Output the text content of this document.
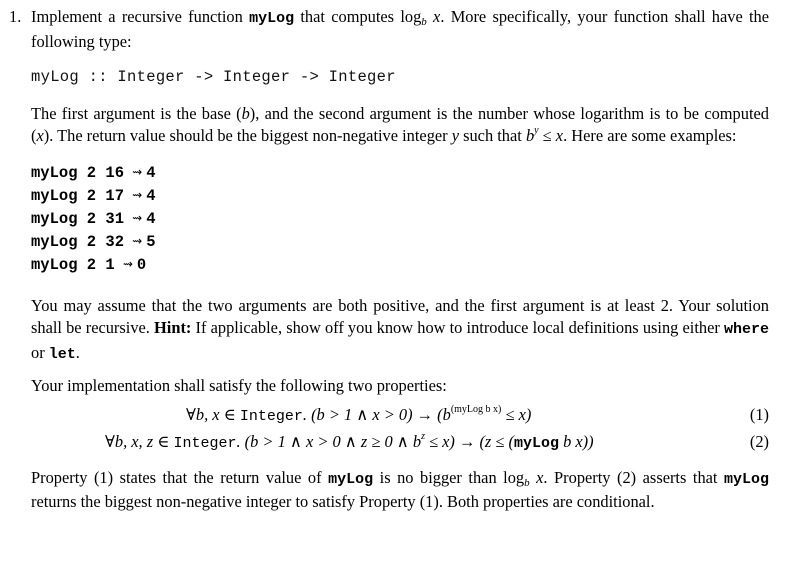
1. Implement a recursive function myLog that computes $\log_b x$. More specifically, your function shall have the following type:

myLog :: Integer -> Integer -> Integer

The first argument is the base (b), and the second argument is the number whose logarithm is to be computed (x). The return value should be the biggest non-negative integer y such that $b^y \le x$. Here are some examples:

myLog 2 16 ⇝ 4
myLog 2 17 ⇝ 4
myLog 2 31 ⇝ 4
myLog 2 32 ⇝ 5
myLog 2 1 ⇝ 0

You may assume that the two arguments are both positive, and the first argument is at least 2. Your solution shall be recursive. Hint: If applicable, show off you know how to introduce local definitions using either where or let.

Your implementation shall satisfy the following two properties:

∀b, x ∈ Integer. (b > 1 ∧ $x > 0) \to (b^{(myLog b x)} \le x)$	(1)
∀b, x, z ∈ Integer. (b > 1 ∧ x > 0 ∧ z ≥ 0 ∧ $b^z \le x) \to (z$ ≤ (myLog b x))	(2)

Property (1) states that the return value of myLog is no bigger than $\log_b x$. Property (2) asserts that myLog returns the biggest non-negative integer to satisfy Property (1). Both properties are conditional.
